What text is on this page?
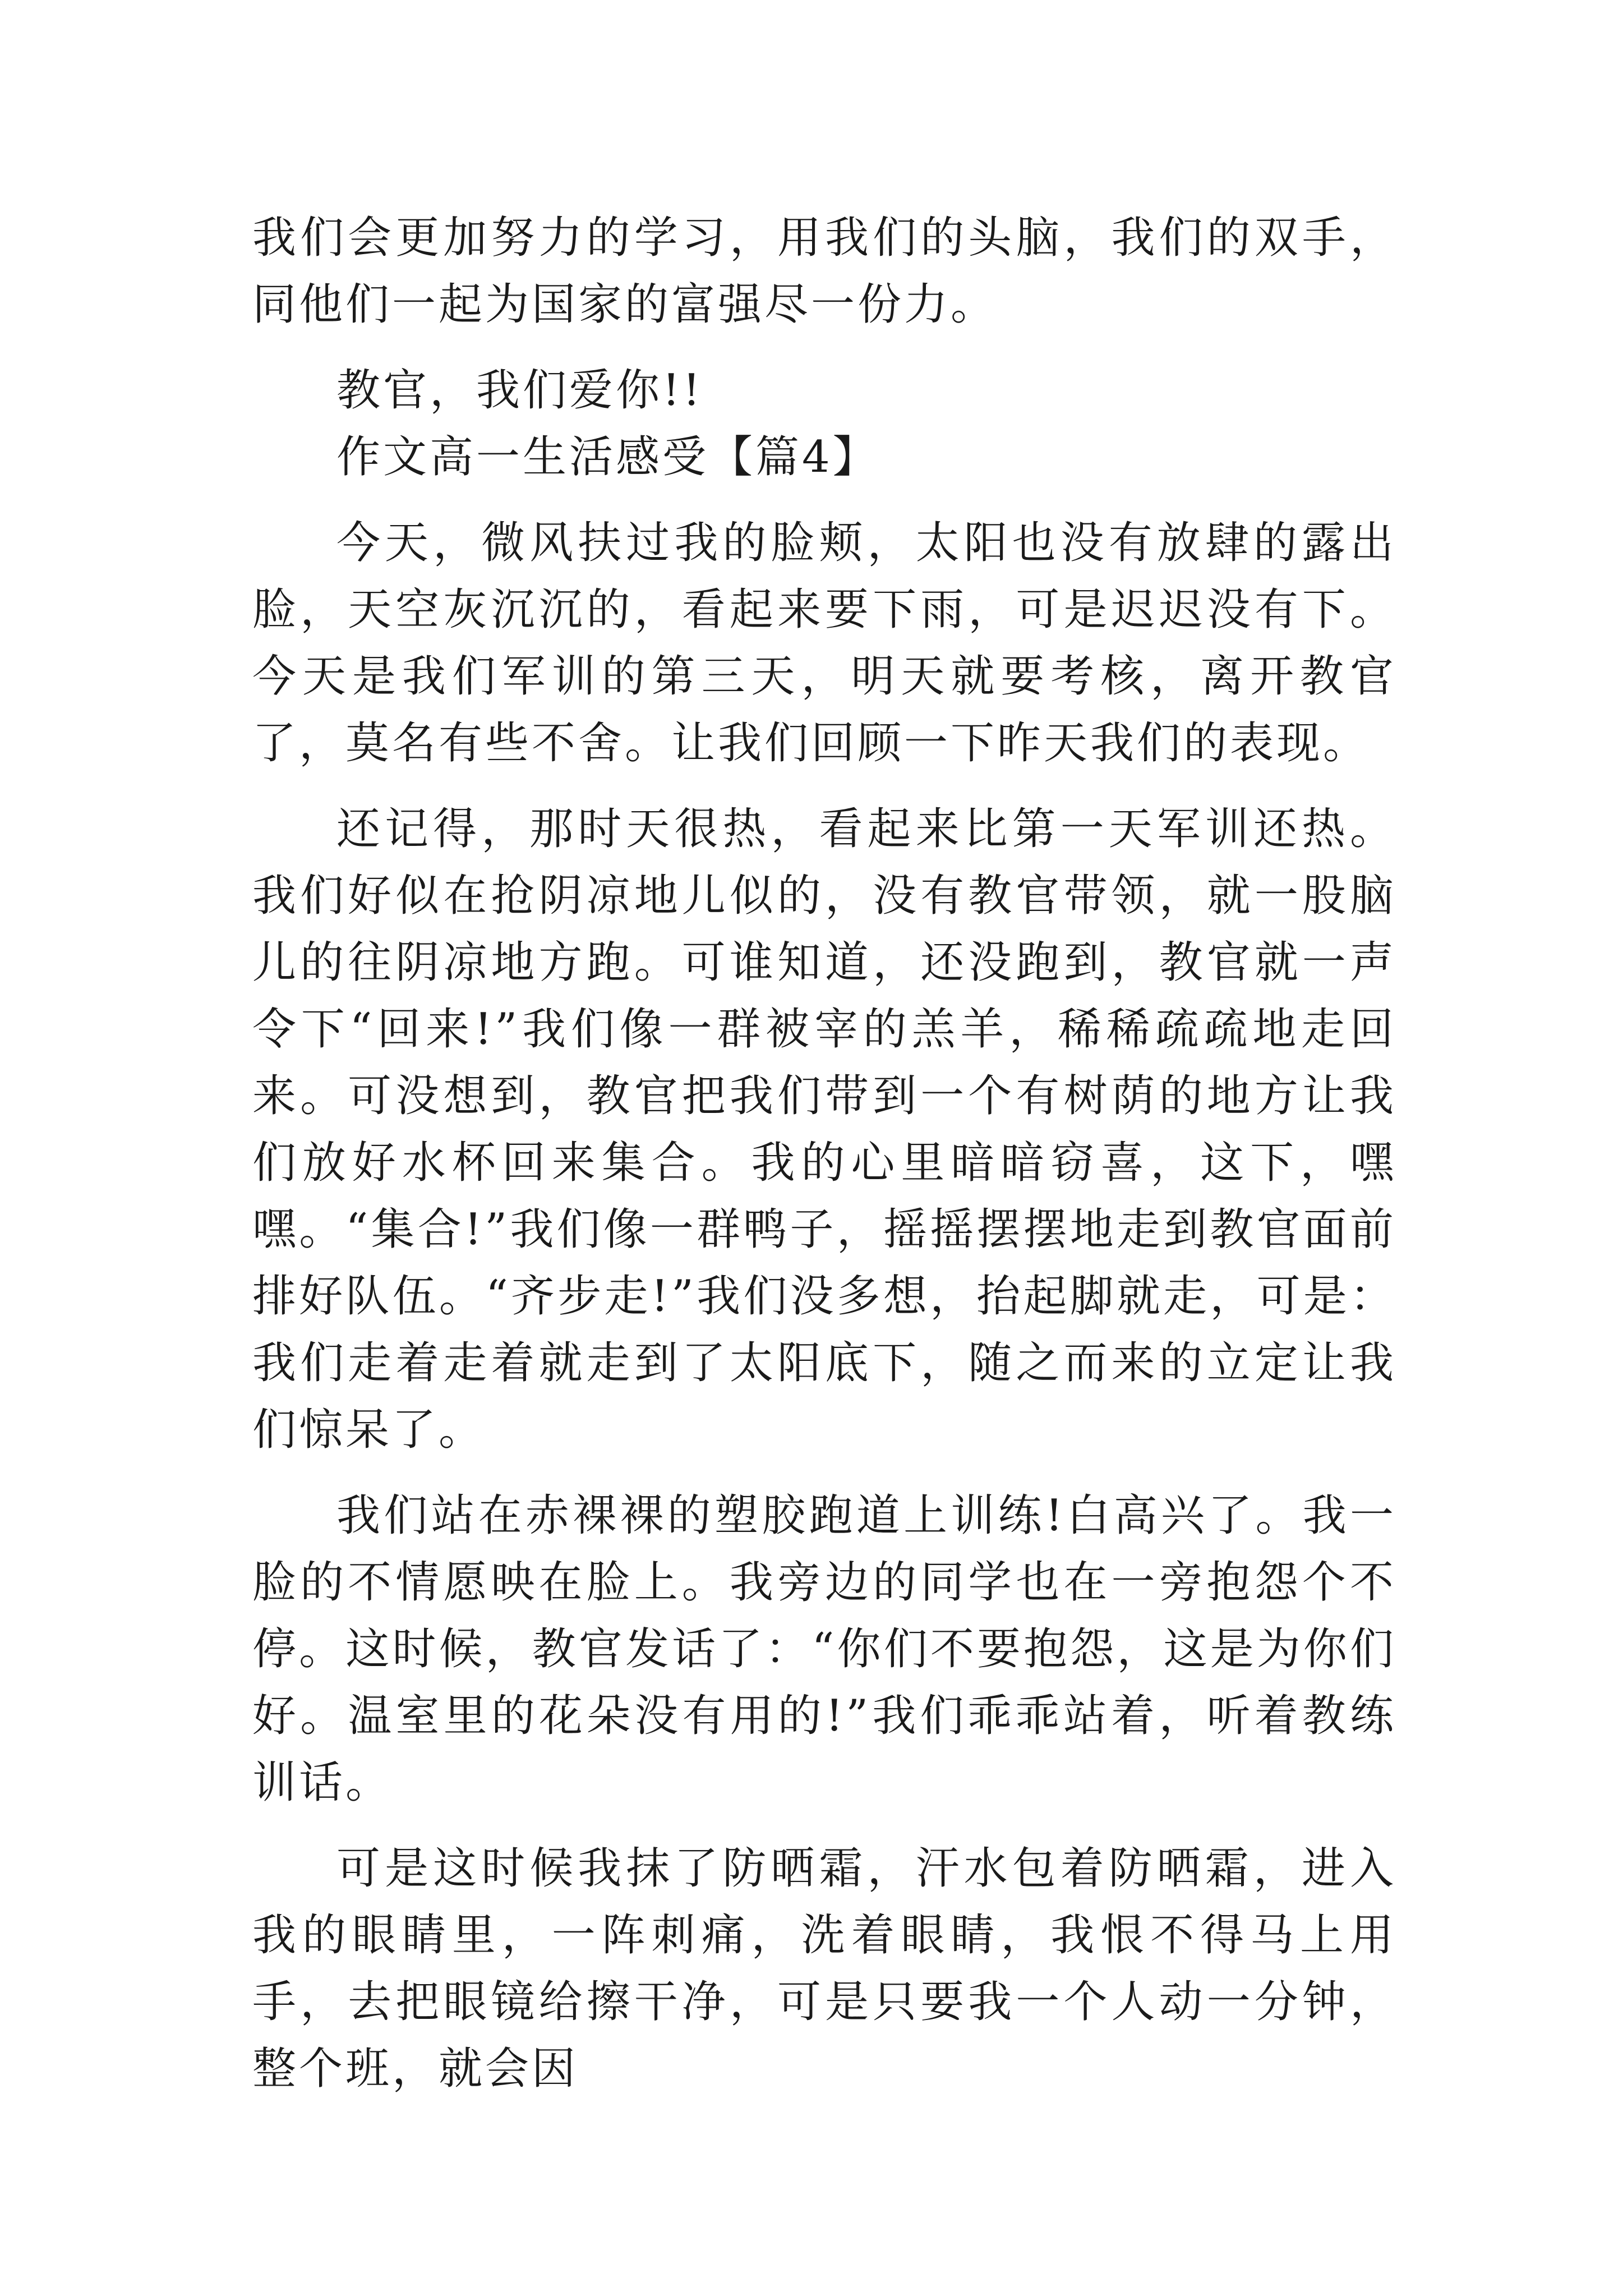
我们会更加努力的学习，用我们的头脑，我们的双手，同他们一起为国家的富强尽一份力。

教官，我们爱你!!

作文高一生活感受【篇4】

今天，微风扶过我的脸颊，太阳也没有放肆的露出脸，天空灰沉沉的，看起来要下雨，可是迟迟没有下。今天是我们军训的第三天，明天就要考核，离开教官了，莫名有些不舍。让我们回顾一下昨天我们的表现。

还记得，那时天很热，看起来比第一天军训还热。我们好似在抢阴凉地儿似的，没有教官带领，就一股脑儿的往阴凉地方跑。可谁知道，还没跑到，教官就一声令下“回来!”我们像一群被宰的羔羊，稀稀疏疏地走回来。可没想到，教官把我们带到一个有树荫的地方让我们放好水杯回来集合。我的心里暗暗窃喜，这下，嘿嘿。“集合!”我们像一群鸭子，摇摇摆摆地走到教官面前排好队伍。“齐步走!”我们没多想，抬起脚就走，可是：我们走着走着就走到了太阳底下，随之而来的立定让我们惊呆了。

我们站在赤裸裸的塑胶跑道上训练!白高兴了。我一脸的不情愿映在脸上。我旁边的同学也在一旁抱怨个不停。这时候，教官发话了：“你们不要抱怨，这是为你们好。温室里的花朵没有用的!”我们乖乖站着，听着教练训话。

可是这时候我抹了防晒霜，汗水包着防晒霜，进入我的眼睛里，一阵刺痛，洗着眼睛，我恨不得马上用手，去把眼镜给擦干净，可是只要我一个人动一分钟，整个班，就会因
